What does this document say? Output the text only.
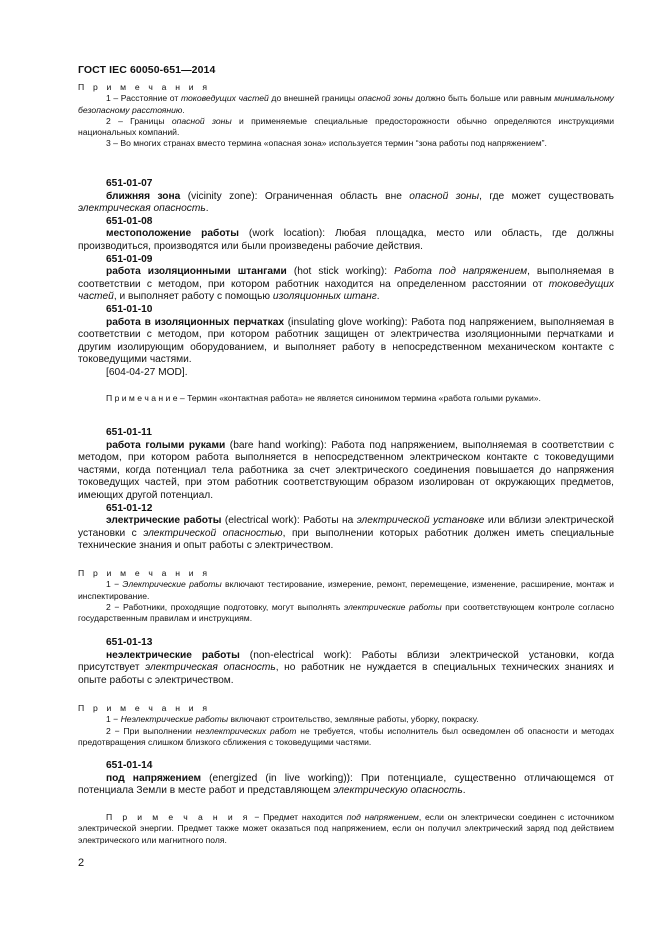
ГОСТ IEC 60050-651—2014

П р и м е ч а н и я

1 – Расстояние от токоведущих частей до внешней границы опасной зоны должно быть больше или равным минимальному безопасному расстоянию.

2 – Границы опасной зоны и применяемые специальные предосторожности обычно определяются инструкциями национальных компаний.

3 – Во многих странах вместо термина «опасная зона» используется термин “зона работы под напряжением”.

651-01-07

ближняя зона (vicinity zone): Ограниченная область вне опасной зоны, где может существовать электрическая опасность.

651-01-08

местоположение работы (work location): Любая площадка, место или область, где должны производиться, производятся или были произведены рабочие действия.

651-01-09

работа изоляционными штангами (hot stick working): Работа под напряжением, выполняемая в соответствии с методом, при котором работник находится на определенном расстоянии от токоведущих частей, и выполняет работу с помощью изоляционных штанг.

651-01-10

работа в изоляционных перчатках (insulating glove working): Работа под напряжением, выполняемая в соответствии с методом, при котором работник защищен от электричества изоляционными перчатками и другим изолирующим оборудованием, и выполняет работу в непосредственном механическом контакте с токоведущими частями.

[604-04-27 MOD].

П р и м е ч а н и е – Термин «контактная работа» не является синонимом термина «работа голыми руками».

651-01-11

работа голыми руками (bare hand working): Работа под напряжением, выполняемая в соответствии с методом, при котором работа выполняется в непосредственном электрическом контакте с токоведущими частями, когда потенциал тела работника за счет электрического соединения повышается до напряжения токоведущих частей, при этом работник соответствующим образом изолирован от окружающих предметов, имеющих другой потенциал.

651-01-12

электрические работы (electrical work): Работы на электрической установке или вблизи электрической установки с электрической опасностью, при выполнении которых работник должен иметь специальные технические знания и опыт работы с электричеством.

П р и м е ч а н и я

1 − Электрические работы включают тестирование, измерение, ремонт, перемещение, изменение, расширение, монтаж и инспектирование.

2 − Работники, проходящие подготовку, могут выполнять электрические работы при соответствующем контроле согласно государственным правилам и инструкциям.

651-01-13

неэлектрические работы (non-electrical work): Работы вблизи электрической установки, когда присутствует электрическая опасность, но работник не нуждается в специальных технических знаниях и опыте работы с электричеством.

П р и м е ч а н и я

1 − Неэлектрические работы включают строительство, земляные работы, уборку, покраску.

2 − При выполнении неэлектрических работ не требуется, чтобы исполнитель был осведомлен об опасности и методах предотвращения слишком близкого сближения с токоведущими частями.

651-01-14

под напряжением (energized (in live working)): При потенциале, существенно отличающемся от потенциала Земли в месте работ и представляющем электрическую опасность.

П р и м е ч а н и я − Предмет находится под напряжением, если он электрически соединен с источником электрической энергии. Предмет также может оказаться под напряжением, если он получил электрический заряд под действием электрического или магнитного поля.

2
